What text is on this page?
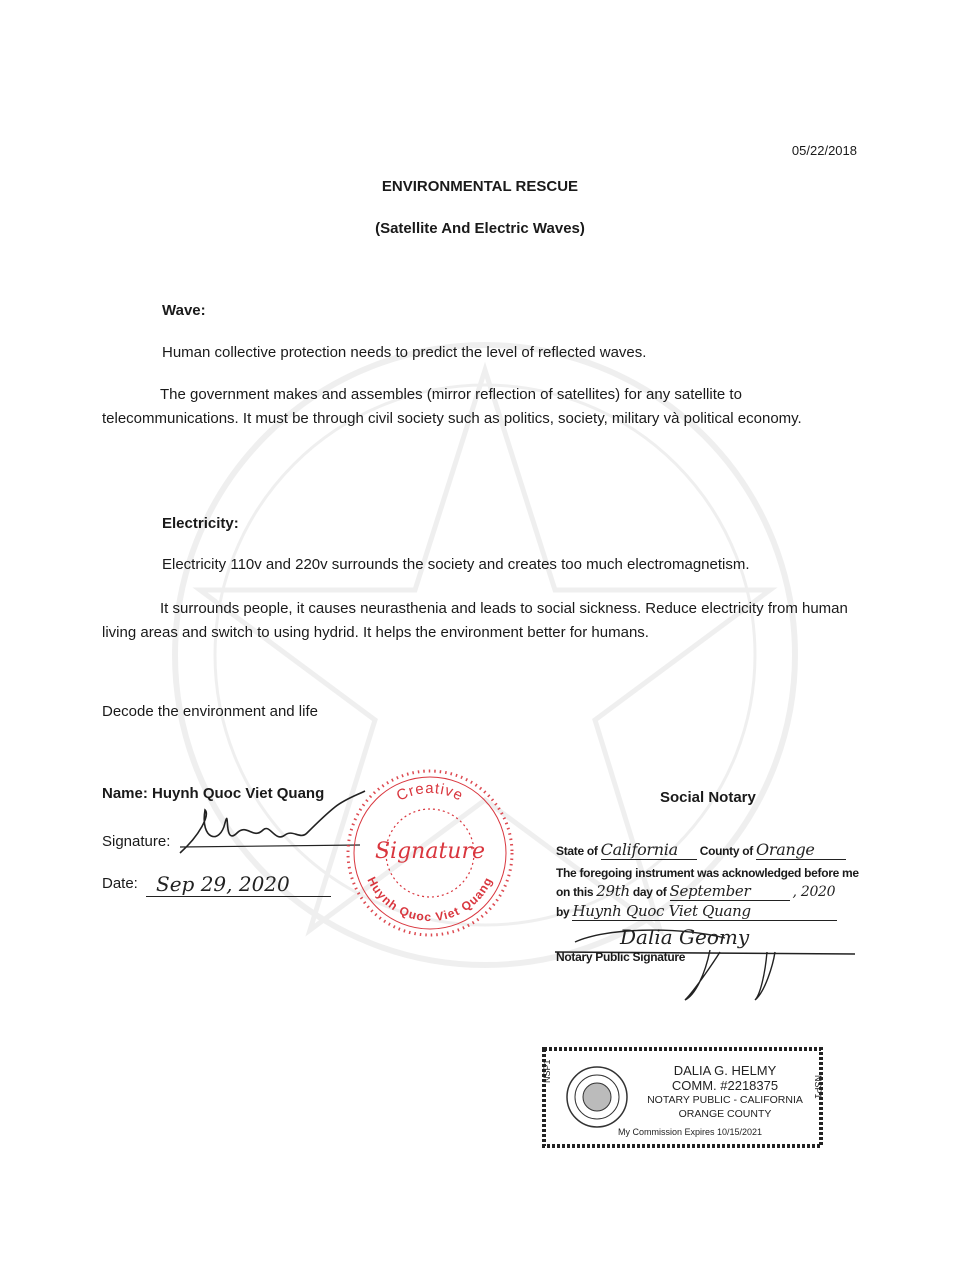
05/22/2018
ENVIRONMENTAL RESCUE
(Satellite And Electric Waves)
Wave:
Human collective protection needs to predict the level of reflected waves.
The government makes and assembles (mirror reflection of satellites) for any satellite to telecommunications. It must be through civil society such as politics, society, military và political economy.
Electricity:
Electricity 110v and 220v surrounds the society and creates too much electromagnetism.
It surrounds people, it causes neurasthenia and leads to social sickness. Reduce electricity from human living areas and switch to using hydrid. It helps the environment better for humans.
Decode the environment and life
Name: Huynh Quoc Viet Quang
Signature:
Date: Sep 29, 2020
Creative
Huynh Quoc Viet Quang
Signature
Social Notary
State of California County of Orange
The foregoing instrument was acknowledged before me
on this 29th day of September	, 2020
by Huynh Quoc Viet Quang
Dalia Geomy
Notary Public Signature
DALIA G. HELMY
COMM. #2218375
NOTARY PUBLIC - CALIFORNIA
ORANGE COUNTY
My Commission Expires 10/15/2021
NSP1
NSP1
